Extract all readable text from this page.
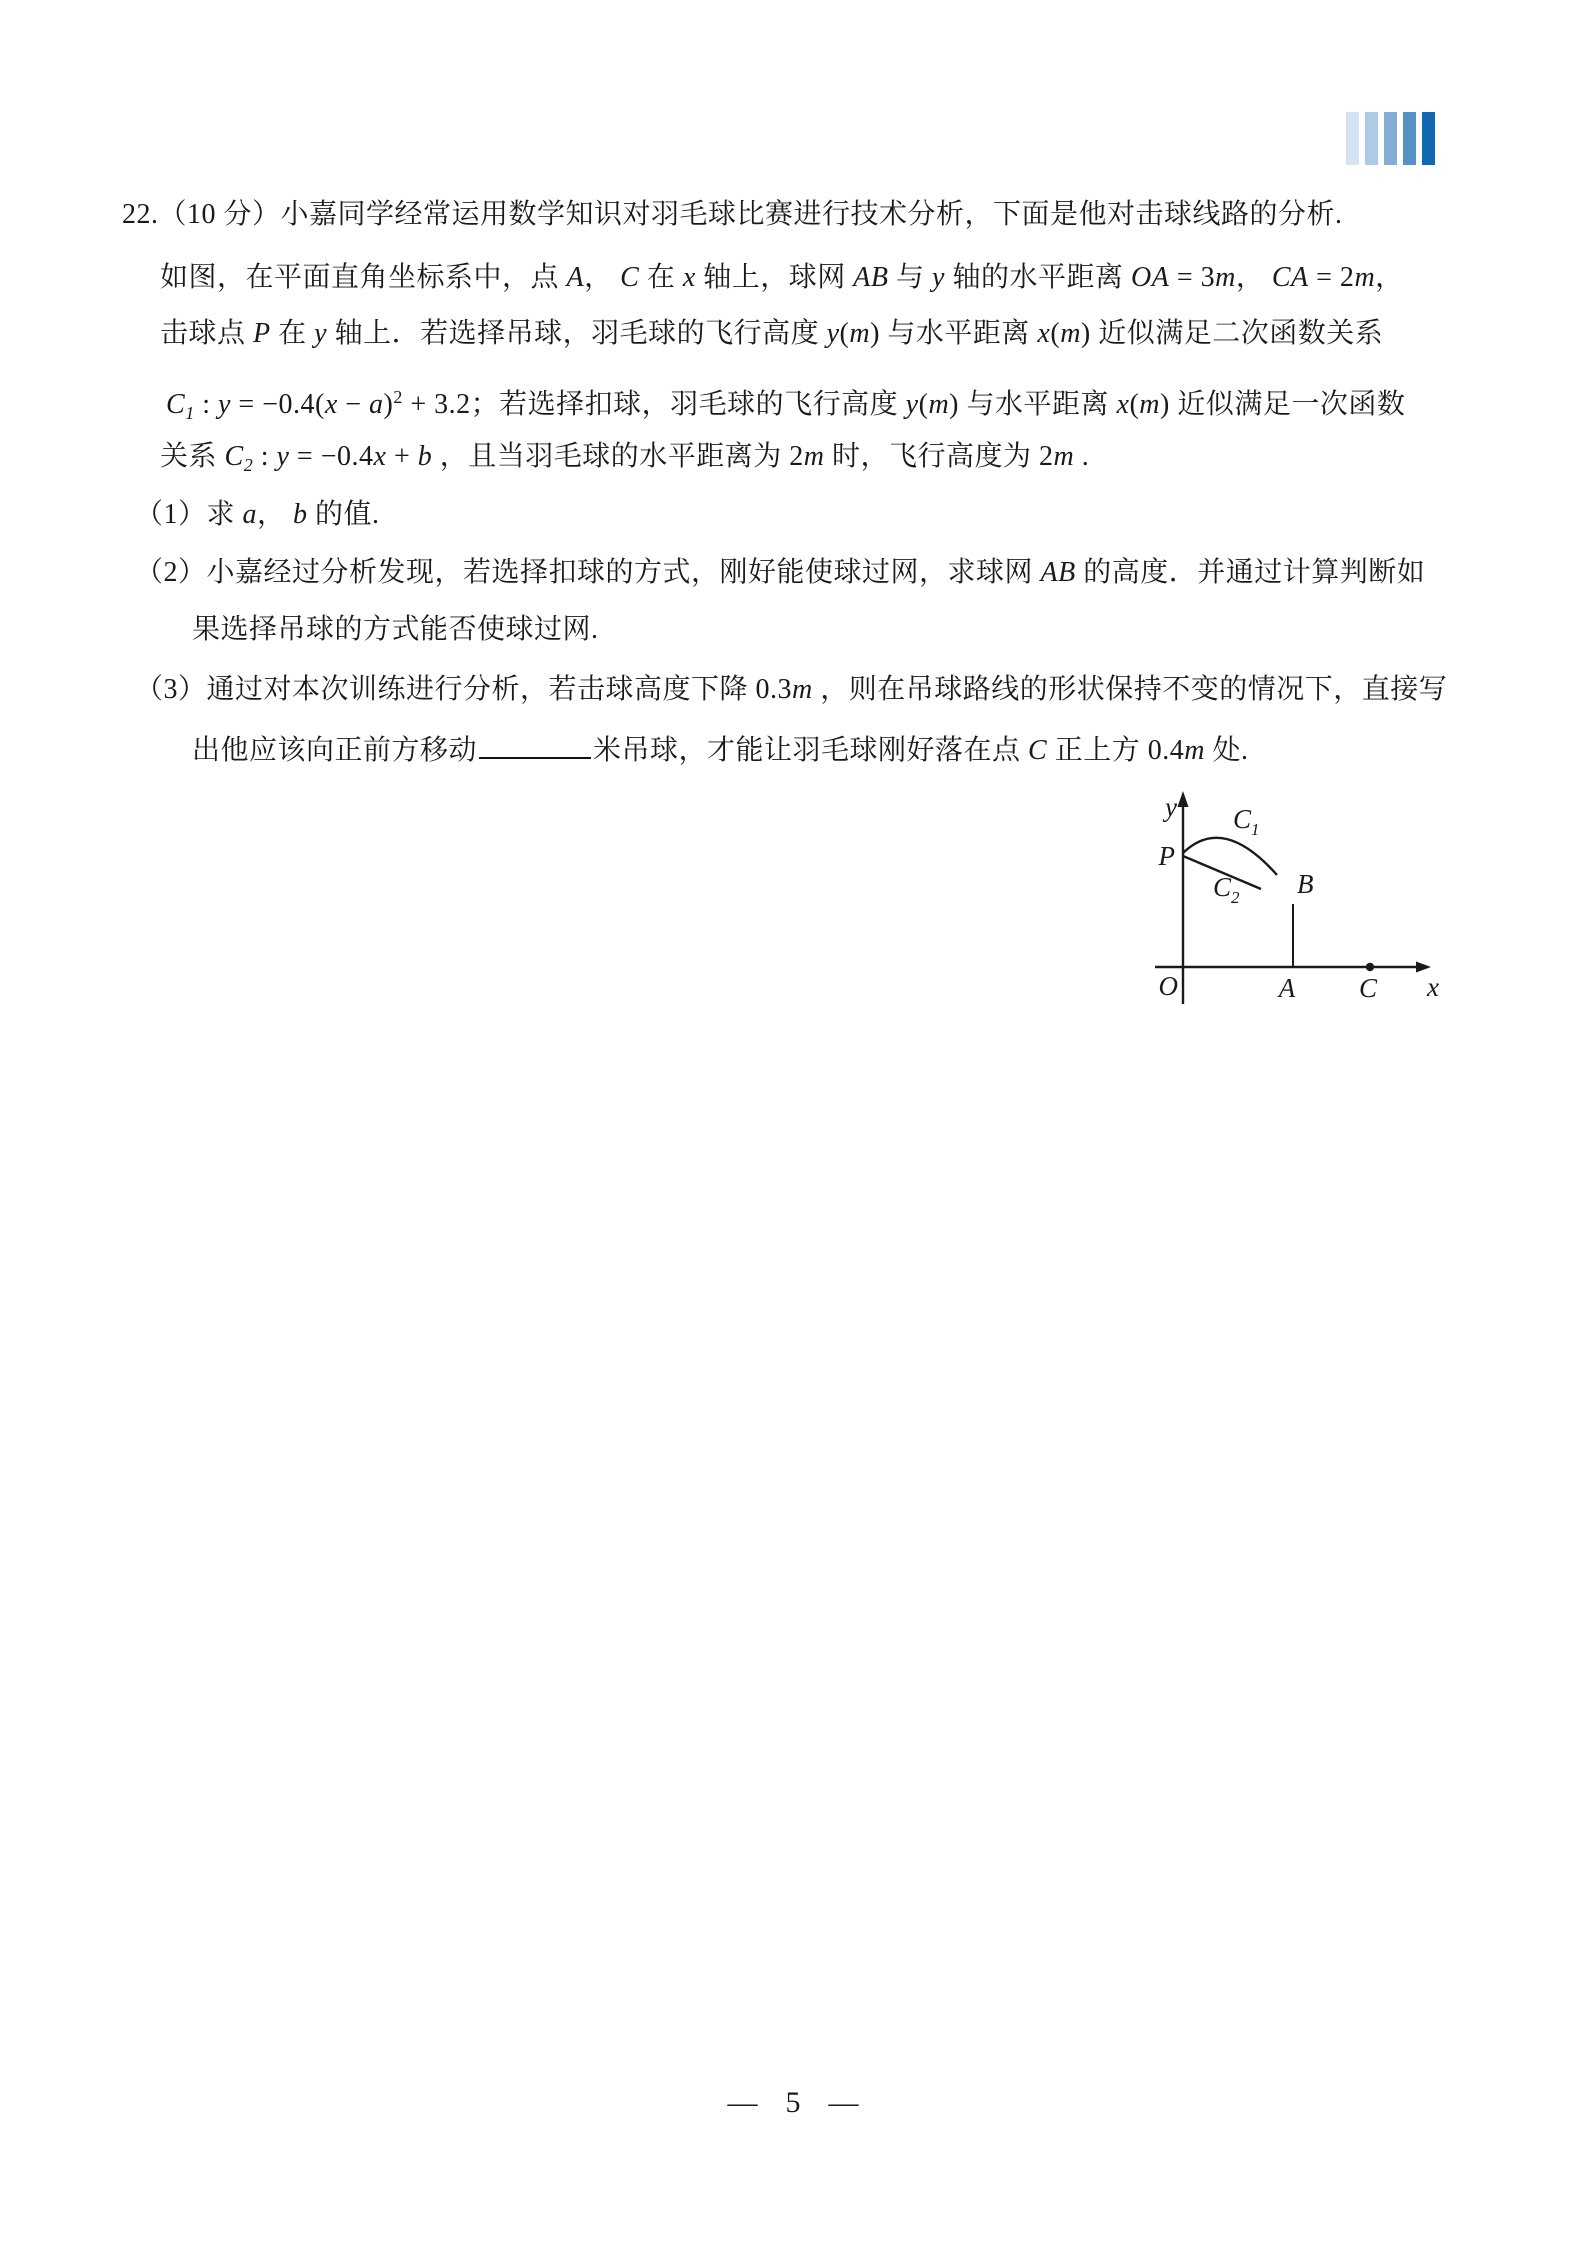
22.（10 分）小嘉同学经常运用数学知识对羽毛球比赛进行技术分析，下面是他对击球线路的分析.
如图，在平面直角坐标系中，点 A， C 在 x 轴上，球网 AB 与 y 轴的水平距离 OA = 3m， CA = 2m，
击球点 P 在 y 轴上．若选择吊球，羽毛球的飞行高度 y(m) 与水平距离 x(m) 近似满足二次函数关系
$C_1$ : $y = -0.4(x - a)^2 + 3.2$；若选择扣球，羽毛球的飞行高度 y(m) 与水平距离 x(m) 近似满足一次函数
关系 $C_2$ : y = −0.4x + b ，且当羽毛球的水平距离为 2m 时，飞行高度为 2m .
（1）求 a， b 的值.
（2）小嘉经过分析发现，若选择扣球的方式，刚好能使球过网，求球网 AB 的高度．并通过计算判断如
果选择吊球的方式能否使球过网.
（3）通过对本次训练进行分析，若击球高度下降 0.3m ，则在吊球路线的形状保持不变的情况下，直接写
出他应该向正前方移动	米吊球，才能让羽毛球刚好落在点 C 正上方 0.4m 处.
y
x
O
P
$C_1$
$C_2$ B
A C
— 5 —
